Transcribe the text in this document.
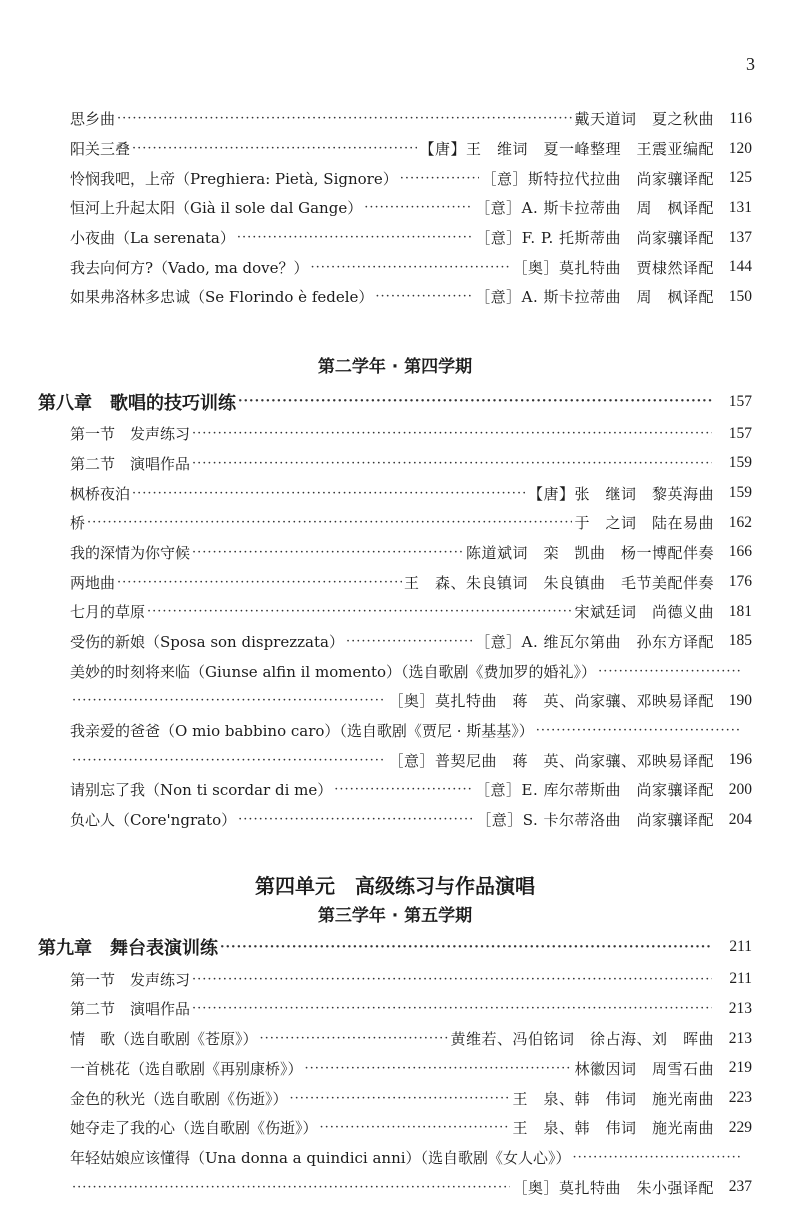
3
思乡曲 ·····	戴天道词　夏之秋曲 116
阳关三叠 ·····	【唐】王　维词　夏一峰整理　王震亚编配 120
怜悯我吧，上帝（Preghiera: Pietà, Signore） ·····	［意］斯特拉代拉曲　尚家骧译配 125
恒河上升起太阳（Già il sole dal Gange） ·····	［意］A. 斯卡拉蒂曲　周　枫译配 131
小夜曲（La serenata） ·····	［意］F. P. 托斯蒂曲　尚家骧译配 137
我去向何方?（Vado, ma dove？） ·····	［奥］莫扎特曲　贾棣然译配 144
如果弗洛林多忠诚（Se Florindo è fedele） ·····	［意］A. 斯卡拉蒂曲　周　枫译配 150
第二学年 · 第四学期
第八章　歌唱的技巧训练 ·····	157
第一节　发声练习 ·····	157
第二节　演唱作品 ·····	159
枫桥夜泊 ·····	【唐】张　继词　黎英海曲 159
桥 ·····	于　之词　陆在易曲 162
我的深情为你守候 ·····	陈道斌词　栾　凯曲　杨一博配伴奏 166
两地曲 ·····	王　森、朱良镇词　朱良镇曲　毛节美配伴奏 176
七月的草原 ·····	宋斌廷词　尚德义曲 181
受伤的新娘（Sposa son disprezzata） ·····	［意］A. 维瓦尔第曲　孙东方译配 185
美妙的时刻将来临（Giunse alfin il momento）（选自歌剧《费加罗的婚礼》）
·····
·····
［奥］莫扎特曲　蒋　英、尚家骧、邓映易译配 190
我亲爱的爸爸（O mio babbino caro）（选自歌剧《贾尼 · 斯基基》）
·····
·····
［意］普契尼曲　蒋　英、尚家骧、邓映易译配 196
请别忘了我（Non ti scordar di me） ·····	［意］E. 库尔蒂斯曲　尚家骧译配 200
负心人（Core'ngrato） ·····	［意］S. 卡尔蒂洛曲　尚家骧译配 204
第四单元　高级练习与作品演唱
第三学年 · 第五学期
第九章　舞台表演训练 ·····	211
第一节　发声练习 ·····	211
第二节　演唱作品 ·····	213
情　歌（选自歌剧《苍原》） ·····	黄维若、冯伯铭词　徐占海、刘　晖曲 213
一首桃花（选自歌剧《再别康桥》） ·····	林徽因词　周雪石曲 219
金色的秋光（选自歌剧《伤逝》） ·····	王　泉、韩　伟词　施光南曲 223
她夺走了我的心（选自歌剧《伤逝》） ·····	王　泉、韩　伟词　施光南曲 229
年轻姑娘应该懂得（Una donna a quindici anni）（选自歌剧《女人心》）
·····
·····
［奥］莫扎特曲　朱小强译配 237
